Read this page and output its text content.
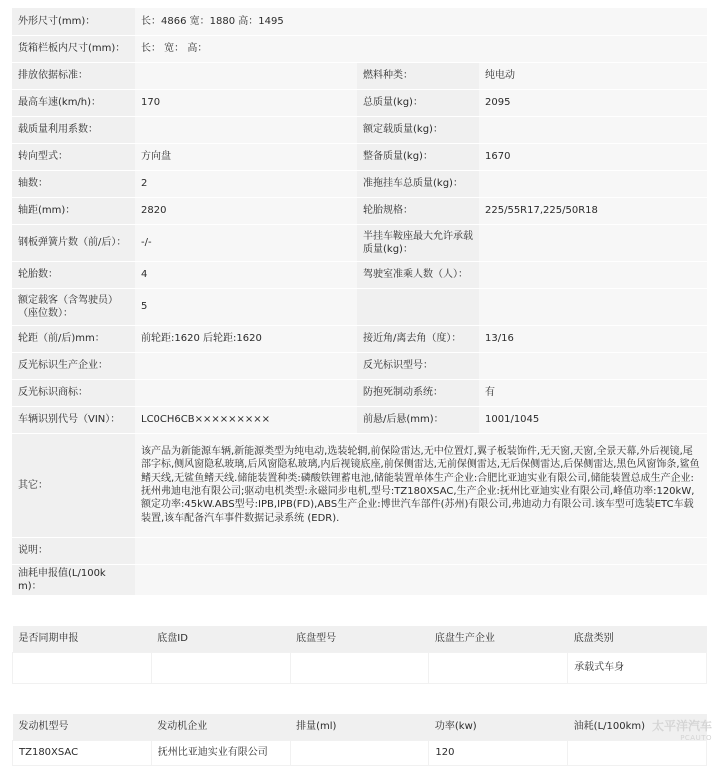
外形尺寸(mm)：	长：4866 宽：1880 高：1495		
货箱栏板内尺寸(mm)：	长： 宽： 高：		
排放依据标准：		燃料种类：	纯电动
最高车速(km/h)：	170	总质量(kg)：	2095
载质量利用系数：		额定载质量(kg)：	
转向型式：	方向盘	整备质量(kg)：	1670
轴数：	2	准拖挂车总质量(kg)：	
轴距(mm)：	2820	轮胎规格：	225/55R17,225/50R18
钢板弹簧片数（前/后）：	-/-	半挂车鞍座最大允许承载质量(kg)：	
轮胎数：	4	驾驶室准乘人数（人）：	
额定载客（含驾驶员）（座位数）：	5		
轮距（前/后)mm：	前轮距:1620 后轮距:1620	接近角/离去角（度）：	13/16
反光标识生产企业：		反光标识型号：	
反光标识商标：		防抱死制动系统：	有
车辆识别代号（VIN）：	LC0CH6CB×××××××××	前悬/后悬(mm)：	1001/1045
其它：	该产品为新能源车辆,新能源类型为纯电动,选装轮辋,前保险雷达,无中位置灯,翼子板装饰件,无天窗,天窗,全景天幕,外后视镜,尾部字标,侧风窗隐私玻璃,后风窗隐私玻璃,内后视镜底座,前保侧雷达,无前保侧雷达,无后保侧雷达,后保侧雷达,黑色风窗饰条,鲨鱼鳍天线,无鲨鱼鳍天线.储能装置种类:磷酸铁锂蓄电池,储能装置单体生产企业:合肥比亚迪实业有限公司,储能装置总成生产企业:抚州弗迪电池有限公司;驱动电机类型:永磁同步电机,型号:TZ180XSAC,生产企业:抚州比亚迪实业有限公司,峰值功率:120kW,额定功率:45kW.ABS型号:IPB,IPB(FD),ABS生产企业:博世汽车部件(苏州)有限公司,弗迪动力有限公司.该车型可选装ETC车载装置,该车配备汽车事件数据记录系统 (EDR).		
说明：			
油耗申报值(L/100km)：			
是否同期申报	底盘ID	底盘型号	底盘生产企业	底盘类别
				承载式车身
发动机型号	发动机企业	排量(ml)	功率(kw)	油耗(L/100km)
TZ180XSAC	抚州比亚迪实业有限公司		120	
太平洋汽车
PCAUTO
